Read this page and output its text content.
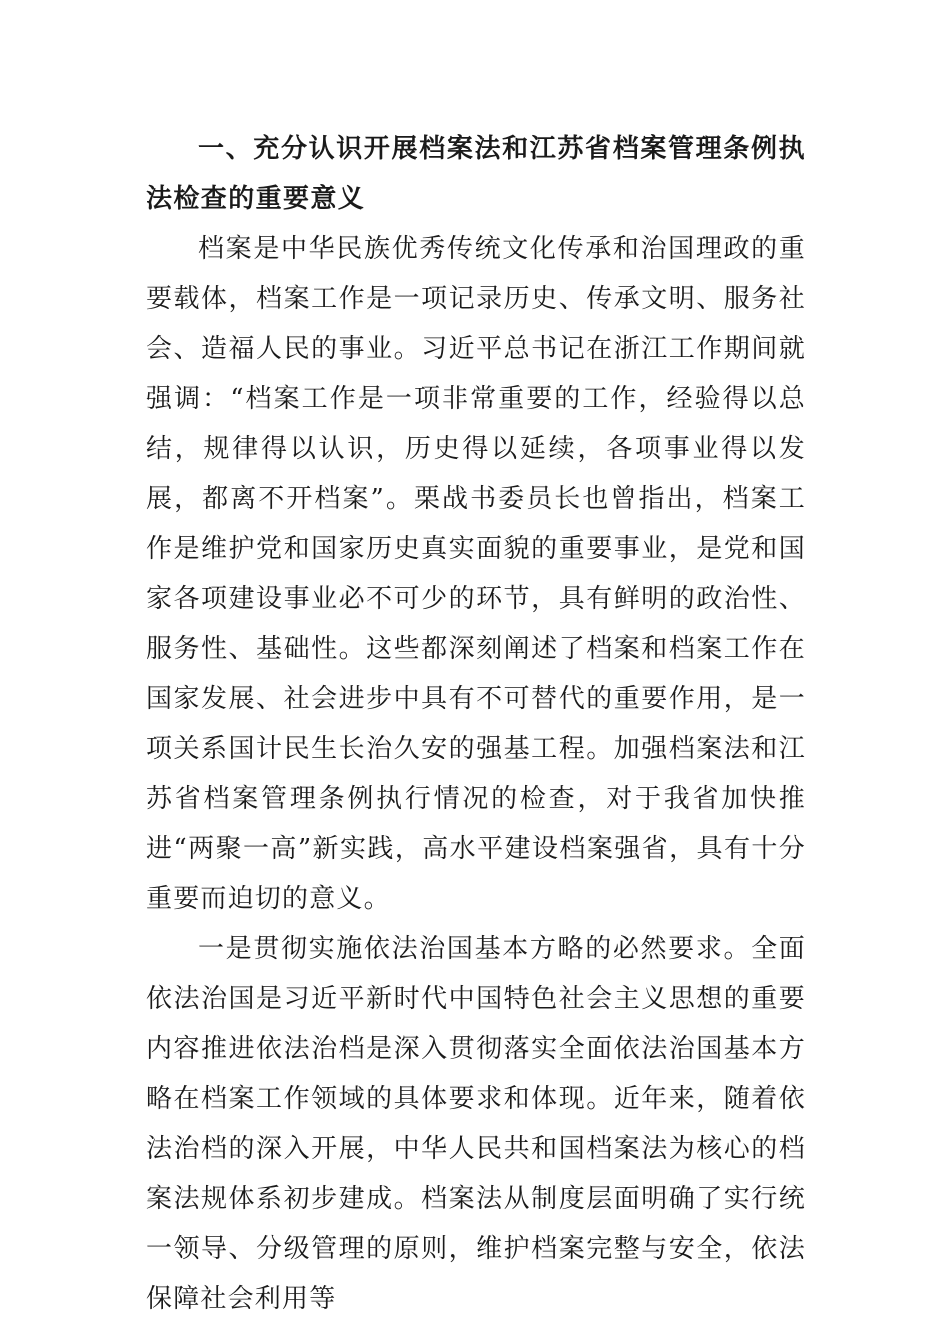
一、充分认识开展档案法和江苏省档案管理条例执法检查的重要意义

档案是中华民族优秀传统文化传承和治国理政的重要载体，档案工作是一项记录历史、传承文明、服务社会、造福人民的事业。习近平总书记在浙江工作期间就强调：“档案工作是一项非常重要的工作，经验得以总结，规律得以认识，历史得以延续，各项事业得以发展，都离不开档案”。栗战书委员长也曾指出，档案工作是维护党和国家历史真实面貌的重要事业，是党和国家各项建设事业必不可少的环节，具有鲜明的政治性、服务性、基础性。这些都深刻阐述了档案和档案工作在国家发展、社会进步中具有不可替代的重要作用，是一项关系国计民生长治久安的强基工程。加强档案法和江苏省档案管理条例执行情况的检查，对于我省加快推进“两聚一高”新实践，高水平建设档案强省，具有十分重要而迫切的意义。

一是贯彻实施依法治国基本方略的必然要求。全面依法治国是习近平新时代中国特色社会主义思想的重要内容推进依法治档是深入贯彻落实全面依法治国基本方略在档案工作领域的具体要求和体现。近年来，随着依法治档的深入开展，中华人民共和国档案法为核心的档案法规体系初步建成。档案法从制度层面明确了实行统一领导、分级管理的原则，维护档案完整与安全，依法保障社会利用等
